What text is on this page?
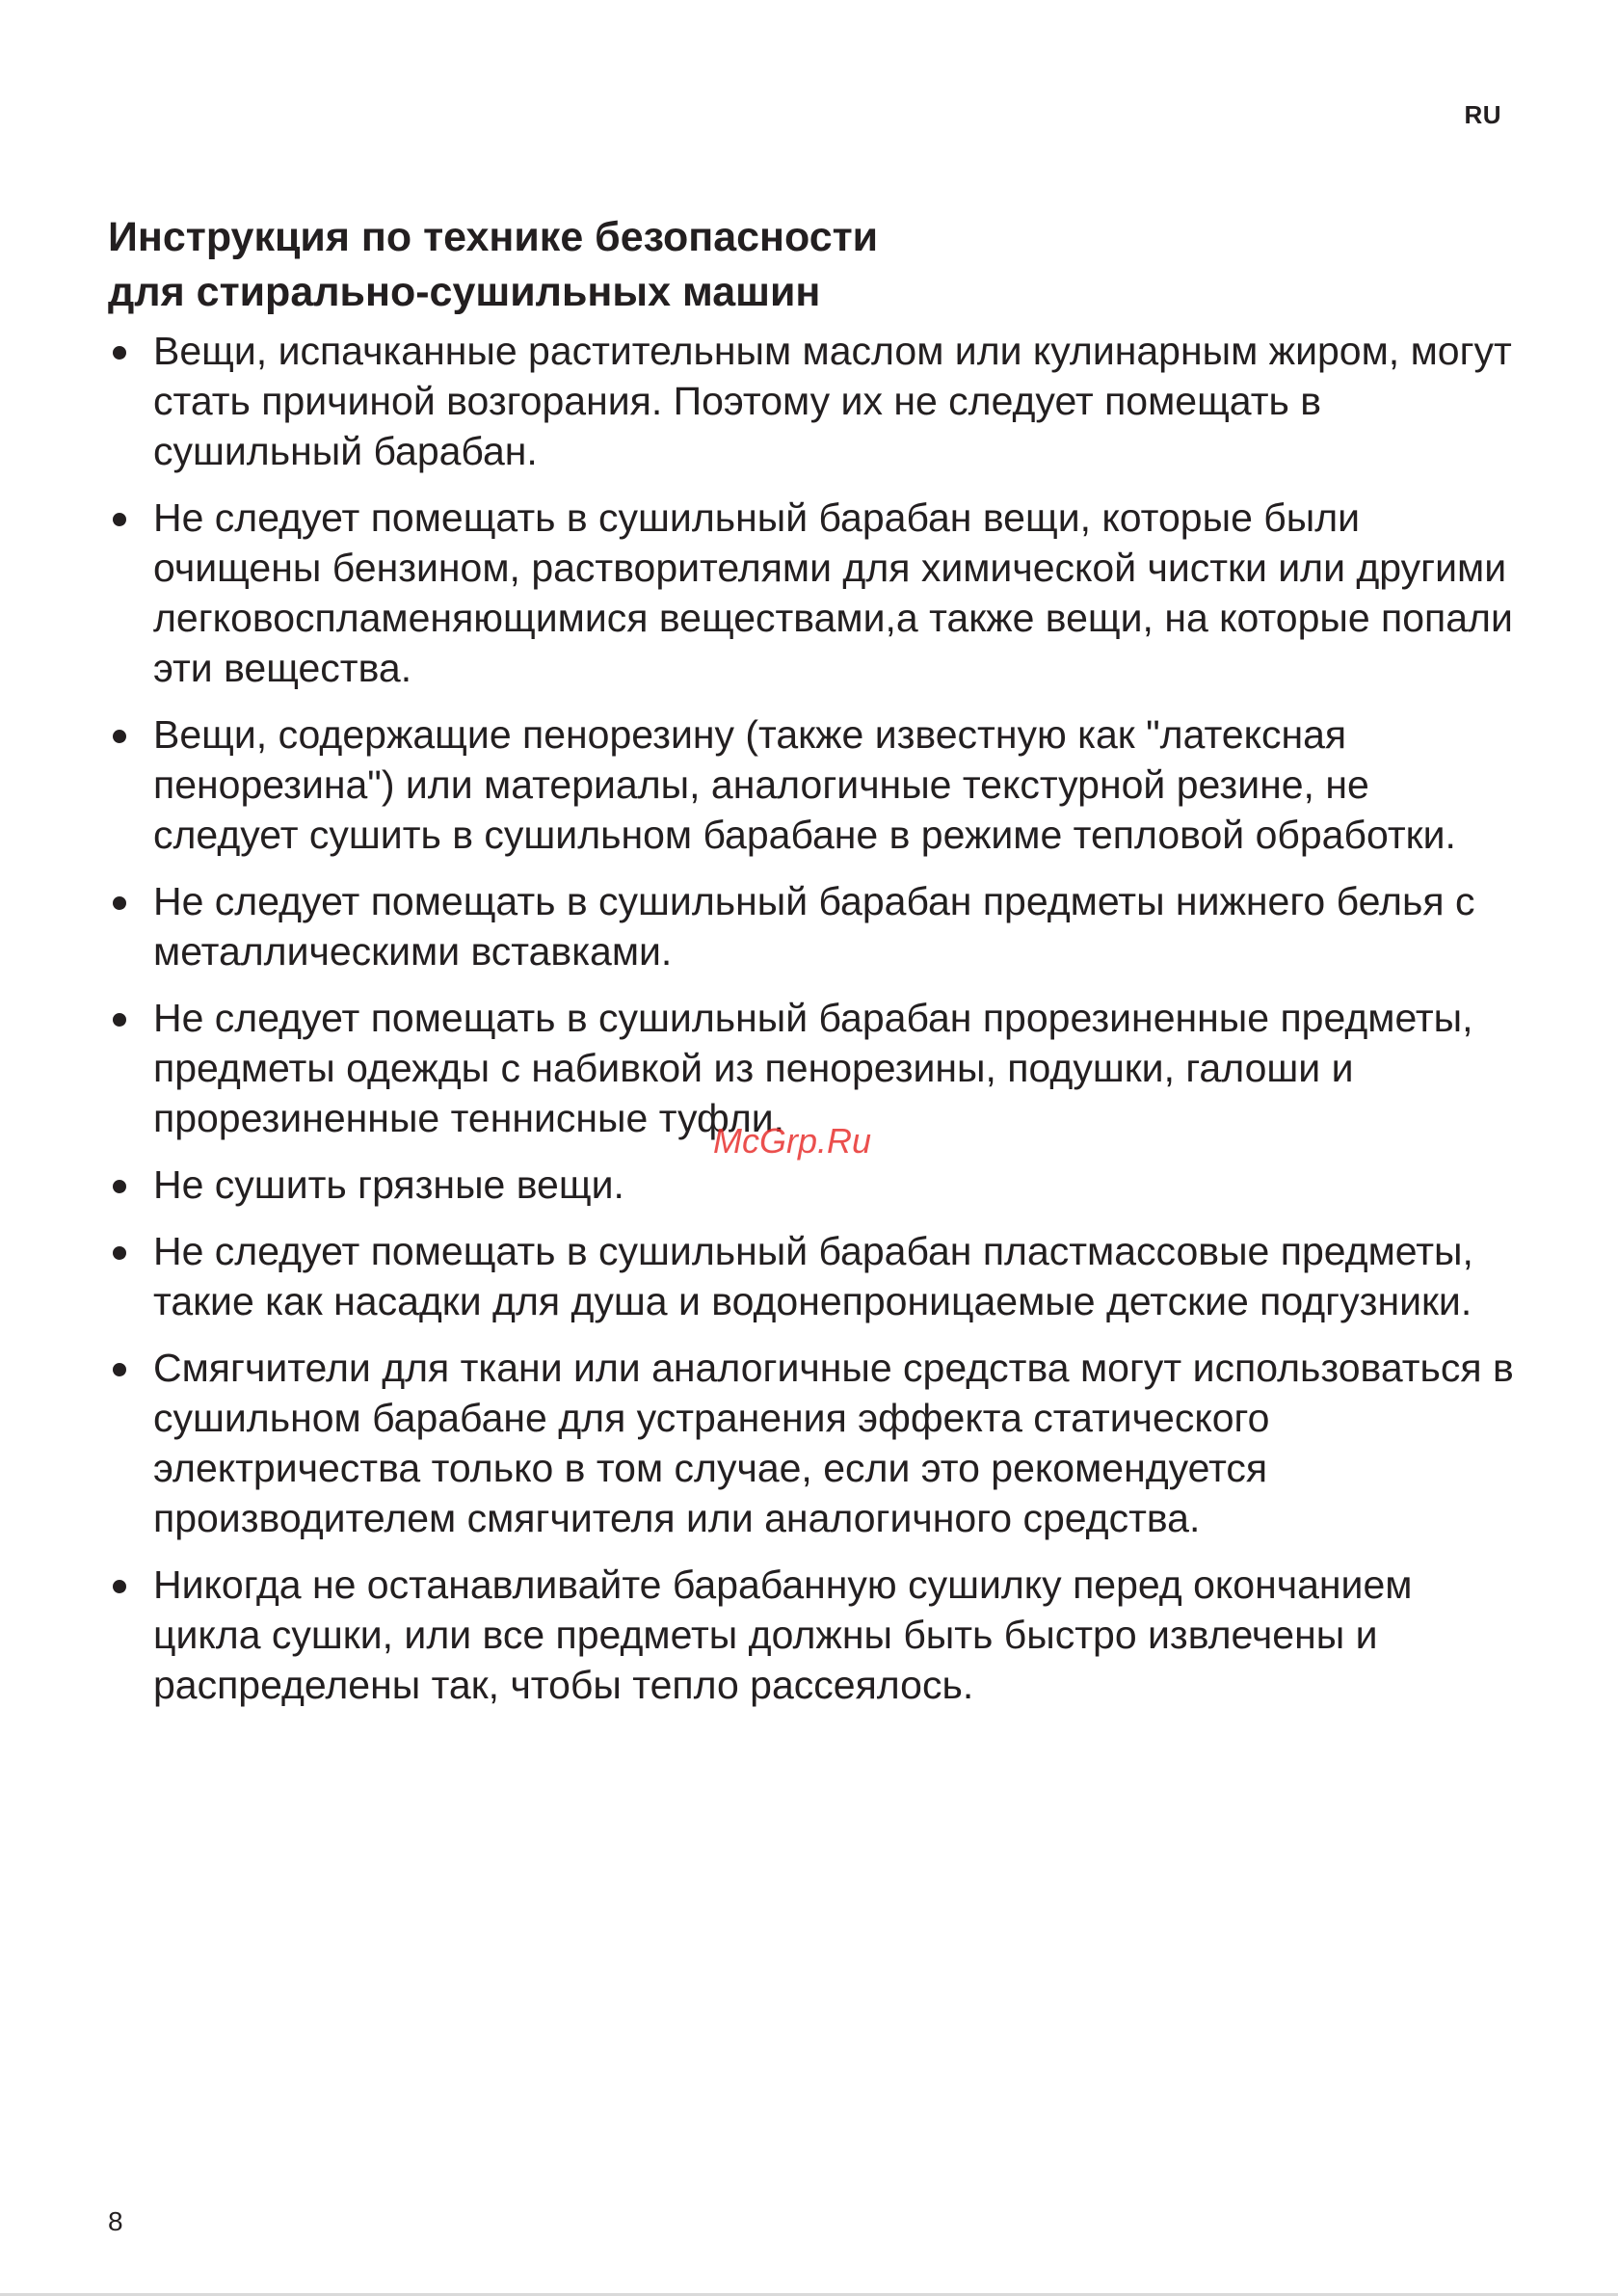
RU
Инструкция по технике безопасности
для стирально-сушильных машин
Вещи, испачканные растительным маслом или кулинарным жиром, могут стать причиной возгорания. Поэтому их не следует помещать в сушильный барабан.
Не следует помещать в сушильный барабан вещи, которые были очищены бензином, растворителями для химической чистки или другими легковоспламеняющимися веществами,а также вещи, на которые попали эти вещества.
Вещи, содержащие пенорезину (также известную как "латексная пенорезина") или материалы, аналогичные текстурной резине, не следует сушить в сушильном барабане в режиме тепловой обработки.
Не следует помещать в сушильный барабан предметы нижнего белья с металлическими вставками.
Не следует помещать в сушильный барабан прорезиненные предметы, предметы одежды с набивкой из пенорезины, подушки, галоши и прорезиненные теннисные туфли.
Не сушить грязные вещи.
Не следует помещать в сушильный барабан пластмассовые предметы, такие как насадки для душа и водонепроницаемые детские подгузники.
Смягчители для ткани или аналогичные средства могут использоваться в сушильном барабане для устранения эффекта статического электричества только в том случае, если это рекомендуется производителем смягчителя или аналогичного средства.
Никогда не останавливайте барабанную сушилку перед окончанием цикла сушки, или все предметы должны быть быстро извлечены и распределены так, чтобы тепло рассеялось.
McGrp.Ru
8
